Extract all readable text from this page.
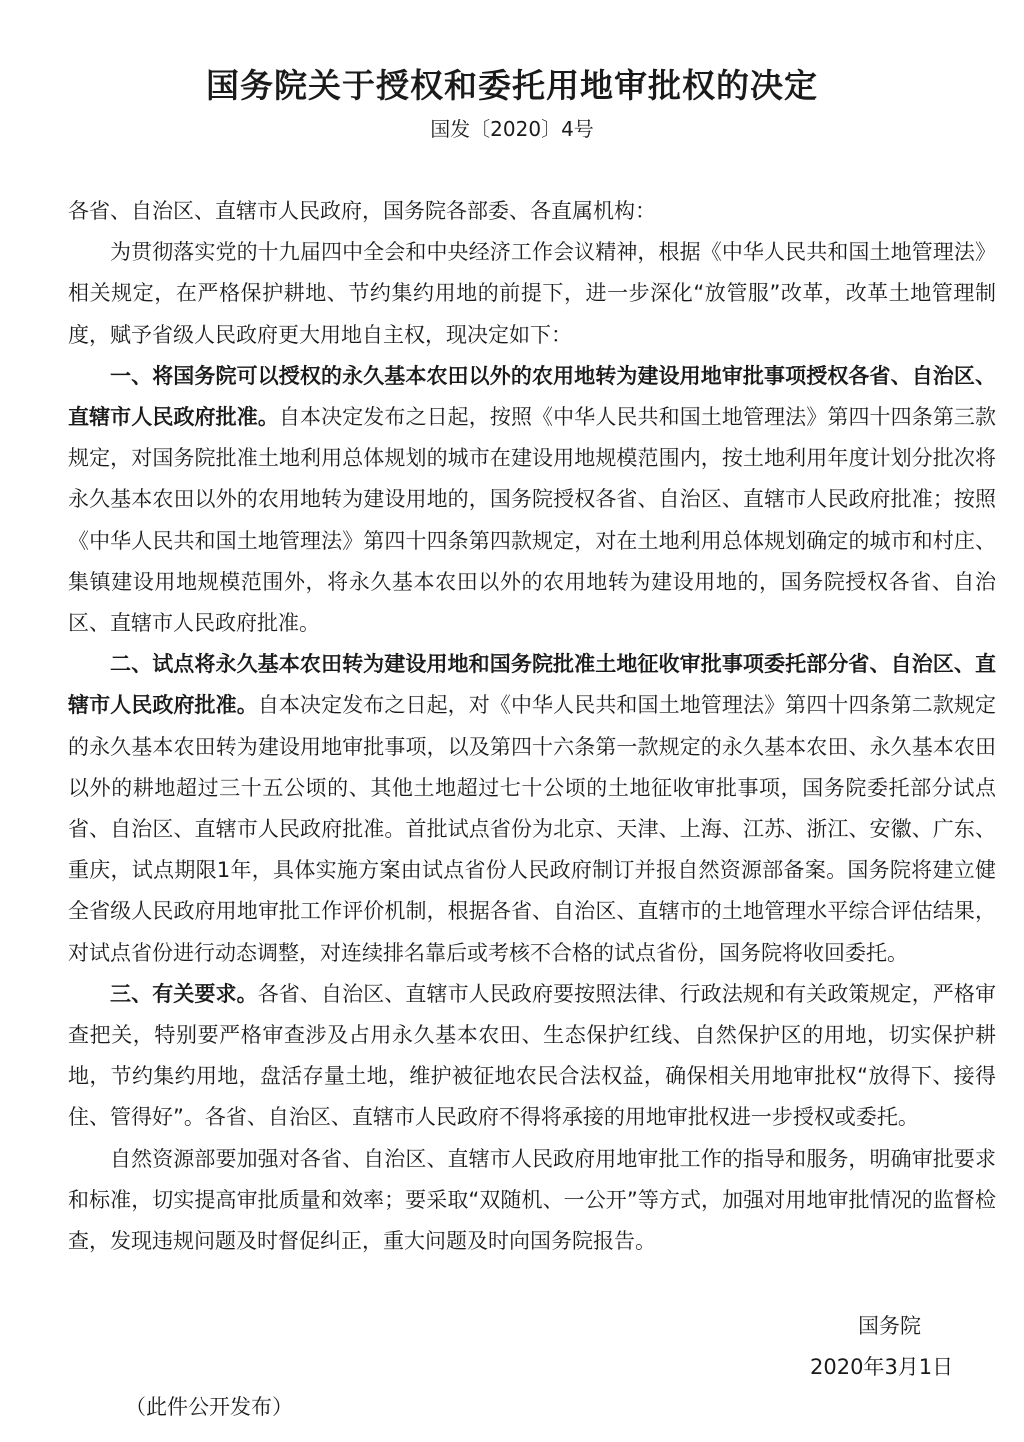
国务院关于授权和委托用地审批权的决定
国发〔2020〕4号

各省、自治区、直辖市人民政府，国务院各部委、各直属机构：

为贯彻落实党的十九届四中全会和中央经济工作会议精神，根据《中华人民共和国土地管理法》相关规定，在严格保护耕地、节约集约用地的前提下，进一步深化“放管服”改革，改革土地管理制度，赋予省级人民政府更大用地自主权，现决定如下：

一、将国务院可以授权的永久基本农田以外的农用地转为建设用地审批事项授权各省、自治区、直辖市人民政府批准。自本决定发布之日起，按照《中华人民共和国土地管理法》第四十四条第三款规定，对国务院批准土地利用总体规划的城市在建设用地规模范围内，按土地利用年度计划分批次将永久基本农田以外的农用地转为建设用地的，国务院授权各省、自治区、直辖市人民政府批准；按照《中华人民共和国土地管理法》第四十四条第四款规定，对在土地利用总体规划确定的城市和村庄、集镇建设用地规模范围外，将永久基本农田以外的农用地转为建设用地的，国务院授权各省、自治区、直辖市人民政府批准。

二、试点将永久基本农田转为建设用地和国务院批准土地征收审批事项委托部分省、自治区、直辖市人民政府批准。自本决定发布之日起，对《中华人民共和国土地管理法》第四十四条第二款规定的永久基本农田转为建设用地审批事项，以及第四十六条第一款规定的永久基本农田、永久基本农田以外的耕地超过三十五公顷的、其他土地超过七十公顷的土地征收审批事项，国务院委托部分试点省、自治区、直辖市人民政府批准。首批试点省份为北京、天津、上海、江苏、浙江、安徽、广东、重庆，试点期限1年，具体实施方案由试点省份人民政府制订并报自然资源部备案。国务院将建立健全省级人民政府用地审批工作评价机制，根据各省、自治区、直辖市的土地管理水平综合评估结果，对试点省份进行动态调整，对连续排名靠后或考核不合格的试点省份，国务院将收回委托。

三、有关要求。各省、自治区、直辖市人民政府要按照法律、行政法规和有关政策规定，严格审查把关，特别要严格审查涉及占用永久基本农田、生态保护红线、自然保护区的用地，切实保护耕地，节约集约用地，盘活存量土地，维护被征地农民合法权益，确保相关用地审批权“放得下、接得住、管得好”。各省、自治区、直辖市人民政府不得将承接的用地审批权进一步授权或委托。

自然资源部要加强对各省、自治区、直辖市人民政府用地审批工作的指导和服务，明确审批要求和标准，切实提高审批质量和效率；要采取“双随机、一公开”等方式，加强对用地审批情况的监督检查，发现违规问题及时督促纠正，重大问题及时向国务院报告。

国务院
2020年3月1日
（此件公开发布）
